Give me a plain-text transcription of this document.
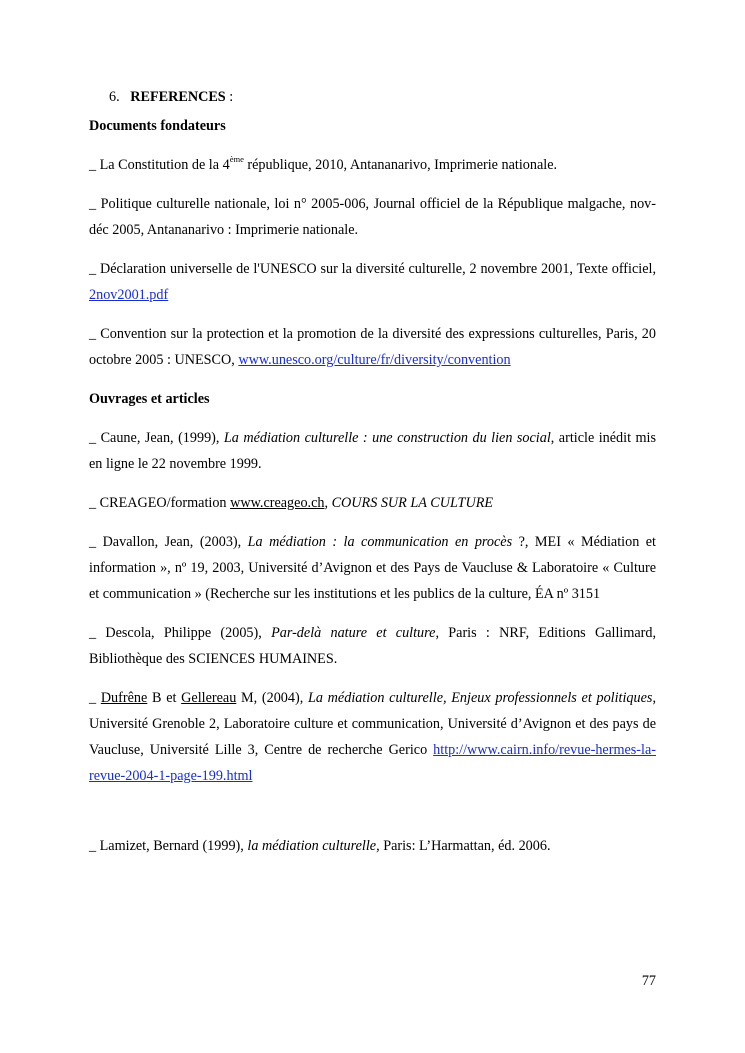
6. REFERENCES :

Documents fondateurs

_ La Constitution de la 4ème république, 2010, Antananarivo, Imprimerie nationale.

_ Politique culturelle nationale, loi n° 2005-006, Journal officiel de la République malgache, nov-déc 2005, Antananarivo : Imprimerie nationale.

_ Déclaration universelle de l'UNESCO sur la diversité culturelle, 2 novembre 2001, Texte officiel, 2nov2001.pdf

_ Convention sur la protection et la promotion de la diversité des expressions culturelles, Paris, 20 octobre 2005 : UNESCO, www.unesco.org/culture/fr/diversity/convention

Ouvrages et articles

_ Caune, Jean, (1999), La médiation culturelle : une construction du lien social, article inédit mis en ligne le 22 novembre 1999.

_ CREAGEO/formation www.creageo.ch, COURS SUR LA CULTURE

_ Davallon, Jean, (2003), La médiation : la communication en procès ?, MEI « Médiation et information », nº 19, 2003, Université d’Avignon et des Pays de Vaucluse & Laboratoire « Culture et communication » (Recherche sur les institutions et les publics de la culture, ÉA nº 3151

_ Descola, Philippe (2005), Par-delà nature et culture, Paris : NRF, Editions Gallimard, Bibliothèque des SCIENCES HUMAINES.

_ Dufrêne B et Gellereau M, (2004), La médiation culturelle, Enjeux professionnels et politiques, Université Grenoble 2, Laboratoire culture et communication, Université d’Avignon et des pays de Vaucluse, Université Lille 3, Centre de recherche Gerico http://www.cairn.info/revue-hermes-la-revue-2004-1-page-199.html

_ Lamizet, Bernard (1999), la médiation culturelle, Paris: L’Harmattan, éd. 2006.

77
